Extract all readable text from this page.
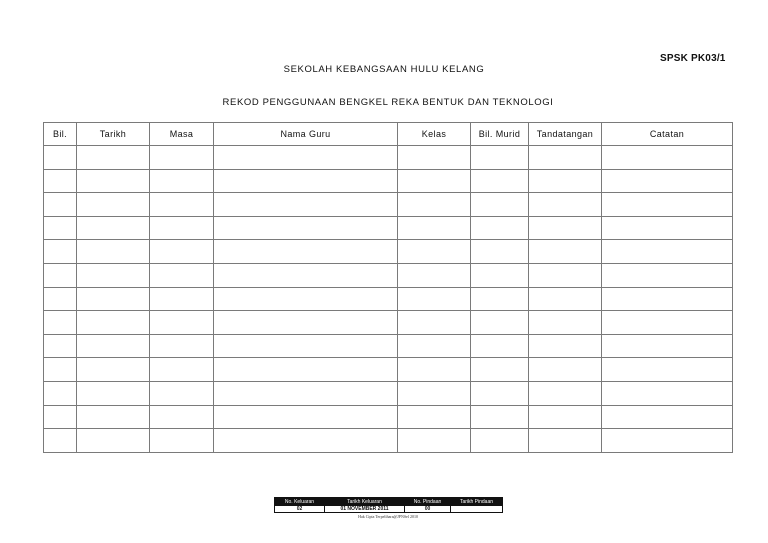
SPSK PK03/1
SEKOLAH KEBANGSAAN HULU KELANG
REKOD PENGGUNAAN BENGKEL REKA BENTUK DAN TEKNOLOGI
Bil.	Tarikh	Masa	Nama Guru	Kelas	Bil. Murid	Tandatangan	Catatan

No. Keluaran	Tarikh Keluaran	No. Pindaan	Tarikh Pindaan
02	01 NOVEMBER 2011	00	
Hak Cipta Terpelihara@JPNSel 2010
